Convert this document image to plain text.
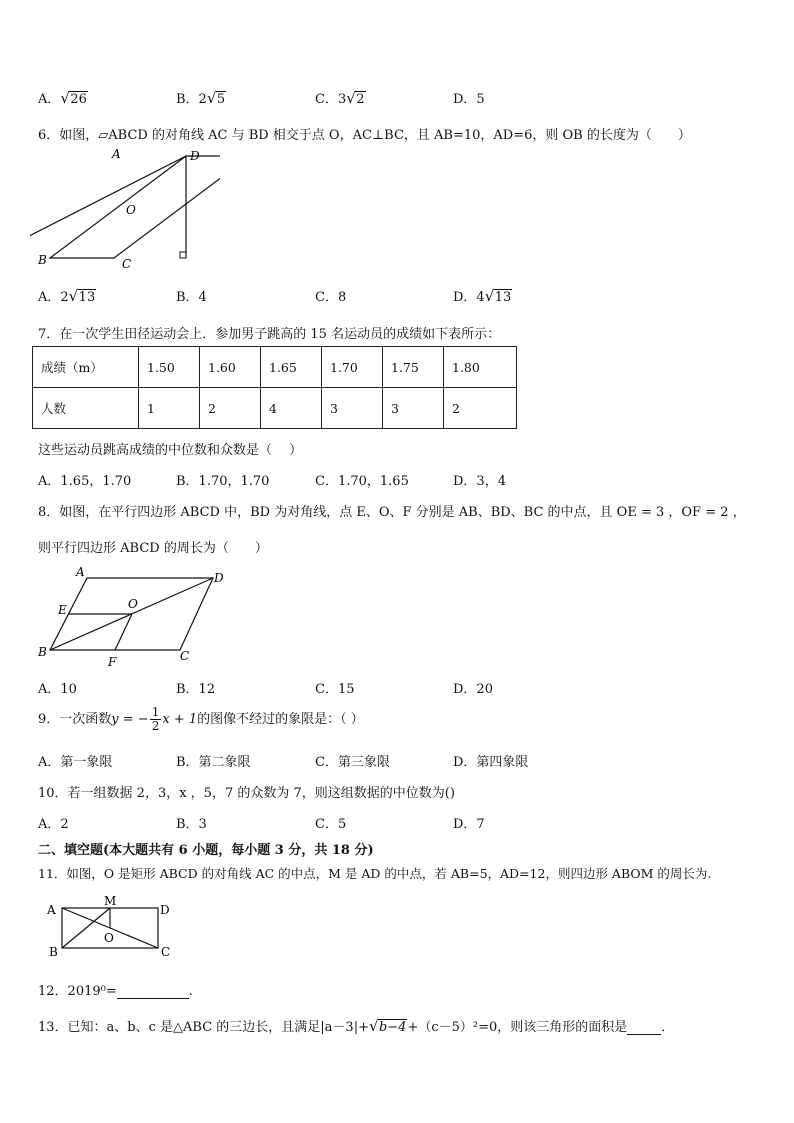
A． √ 26	B．2 √ 5	C．3 √ 2	D．5
6．如图，▱ABCD 的对角线 AC 与 BD 相交于点 O，AC⊥BC，且 AB=10，AD=6，则 OB 的长度为（　　）
A	D
B	C
O
A．2 √ 13	B．4	C．8	D．4 √ 13
7．在一次学生田径运动会上．参加男子跳高的 15 名运动员的成绩如下表所示：
成绩（m）	1.50	1.60	1.65	1.70	1.75	1.80
人数	1	2	4	3	3	2
这些运动员跳高成绩的中位数和众数是（　 ）
A．1.65，1.70	B．1.70，1.70	C．1.70，1.65	D．3，4
8．如图，在平行四边形 ABCD 中，BD 为对角线，点 E、O、F 分别是 AB、BD、BC 的中点，且 OE = 3 ，OF = 2 ，
则平行四边形 ABCD 的周长为（　　）
A	D
E	O
B
F	C
A．10	B．12	C．15	D．20
9．一次函数y = − $\frac{1}{2}$ x + 1的图像不经过的象限是：（ ）
A．第一象限	B．第二象限	C．第三象限	D．第四象限
10．若一组数据 2，3，x ，5，7 的众数为 7，则这组数据的中位数为()
A．2	B．3	C．5	D．7
二、填空题(本大题共有 6 小题，每小题 3 分，共 18 分)
11．如图，O 是矩形 ABCD 的对角线 AC 的中点，M 是 AD 的中点，若 AB=5，AD=12，则四边形 ABOM 的周长为.
A	D
B	C
M
O
12．2019⁰=	.
13．已知：a、b、c 是△ABC 的三边长，且满足|a－3|+ √ b−4+（c－5）²=0，则该三角形的面积是	．
